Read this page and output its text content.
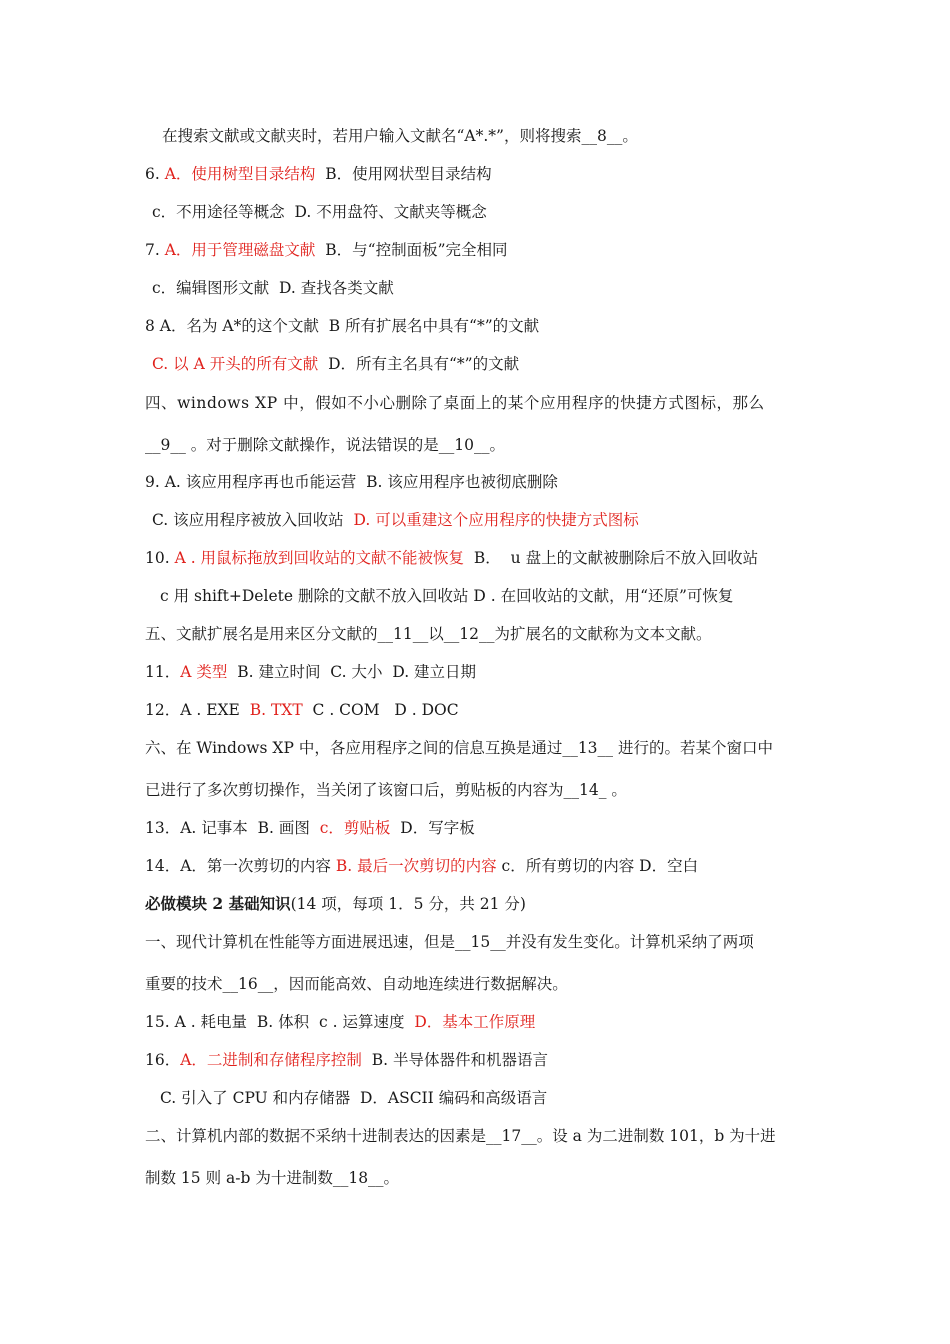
在搜索文献或文献夹时，若用户输入文献名“A*.*”，则将搜索__8__。
6. A．使用树型目录结构  B．使用网状型目录结构
c．不用途径等概念  D. 不用盘符、文献夹等概念
7. A．用于管理磁盘文献  B．与“控制面板”完全相同
c．编辑图形文献  D. 查找各类文献
8 A．名为 A*的这个文献  B 所有扩展名中具有“*”的文献
C. 以 A 开头的所有文献  D．所有主名具有“*”的文献
四、windows XP 中，假如不小心删除了桌面上的某个应用程序的快捷方式图标，那么
__9__ 。对于删除文献操作，说法错误的是__10__。
9. A. 该应用程序再也币能运营  B. 该应用程序也被彻底删除
C. 该应用程序被放入回收站  D. 可以重建这个应用程序的快捷方式图标
10. A . 用鼠标拖放到回收站的文献不能被恢复  B．  u 盘上的文献被删除后不放入回收站
c 用 shift+Delete 删除的文献不放入回收站 D . 在回收站的文献，用“还原”可恢复
五、文献扩展名是用来区分文献的__11__以__12__为扩展名的文献称为文本文献。
11．A 类型  B. 建立时间  C. 大小  D. 建立日期
12．A . EXE  B. TXT  C . COM   D . DOC
六、在 Windows XP 中，各应用程序之间的信息互换是通过__13__ 进行的。若某个窗口中
已进行了多次剪切操作，当关闭了该窗口后，剪贴板的内容为__14_ 。
13．A. 记事本  B. 画图  c．剪贴板  D．写字板
14．A．第一次剪切的内容 B. 最后一次剪切的内容 c．所有剪切的内容 D．空白
必做模块 2 基础知识(14 项，每项 1．5 分，共 21 分)
一、现代计算机在性能等方面进展迅速，但是__15__并没有发生变化。计算机采纳了两项
重要的技术__16__，因而能高效、自动地连续进行数据解决。
15. A . 耗电量  B. 体积  c . 运算速度  D．基本工作原理
16．A．二进制和存储程序控制  B. 半导体器件和机器语言
C. 引入了 CPU 和内存储器  D．ASCII 编码和高级语言
二、计算机内部的数据不采纳十进制表达的因素是__17__。设 a 为二进制数 101，b 为十进
制数 15 则 a-b 为十进制数__18__。
